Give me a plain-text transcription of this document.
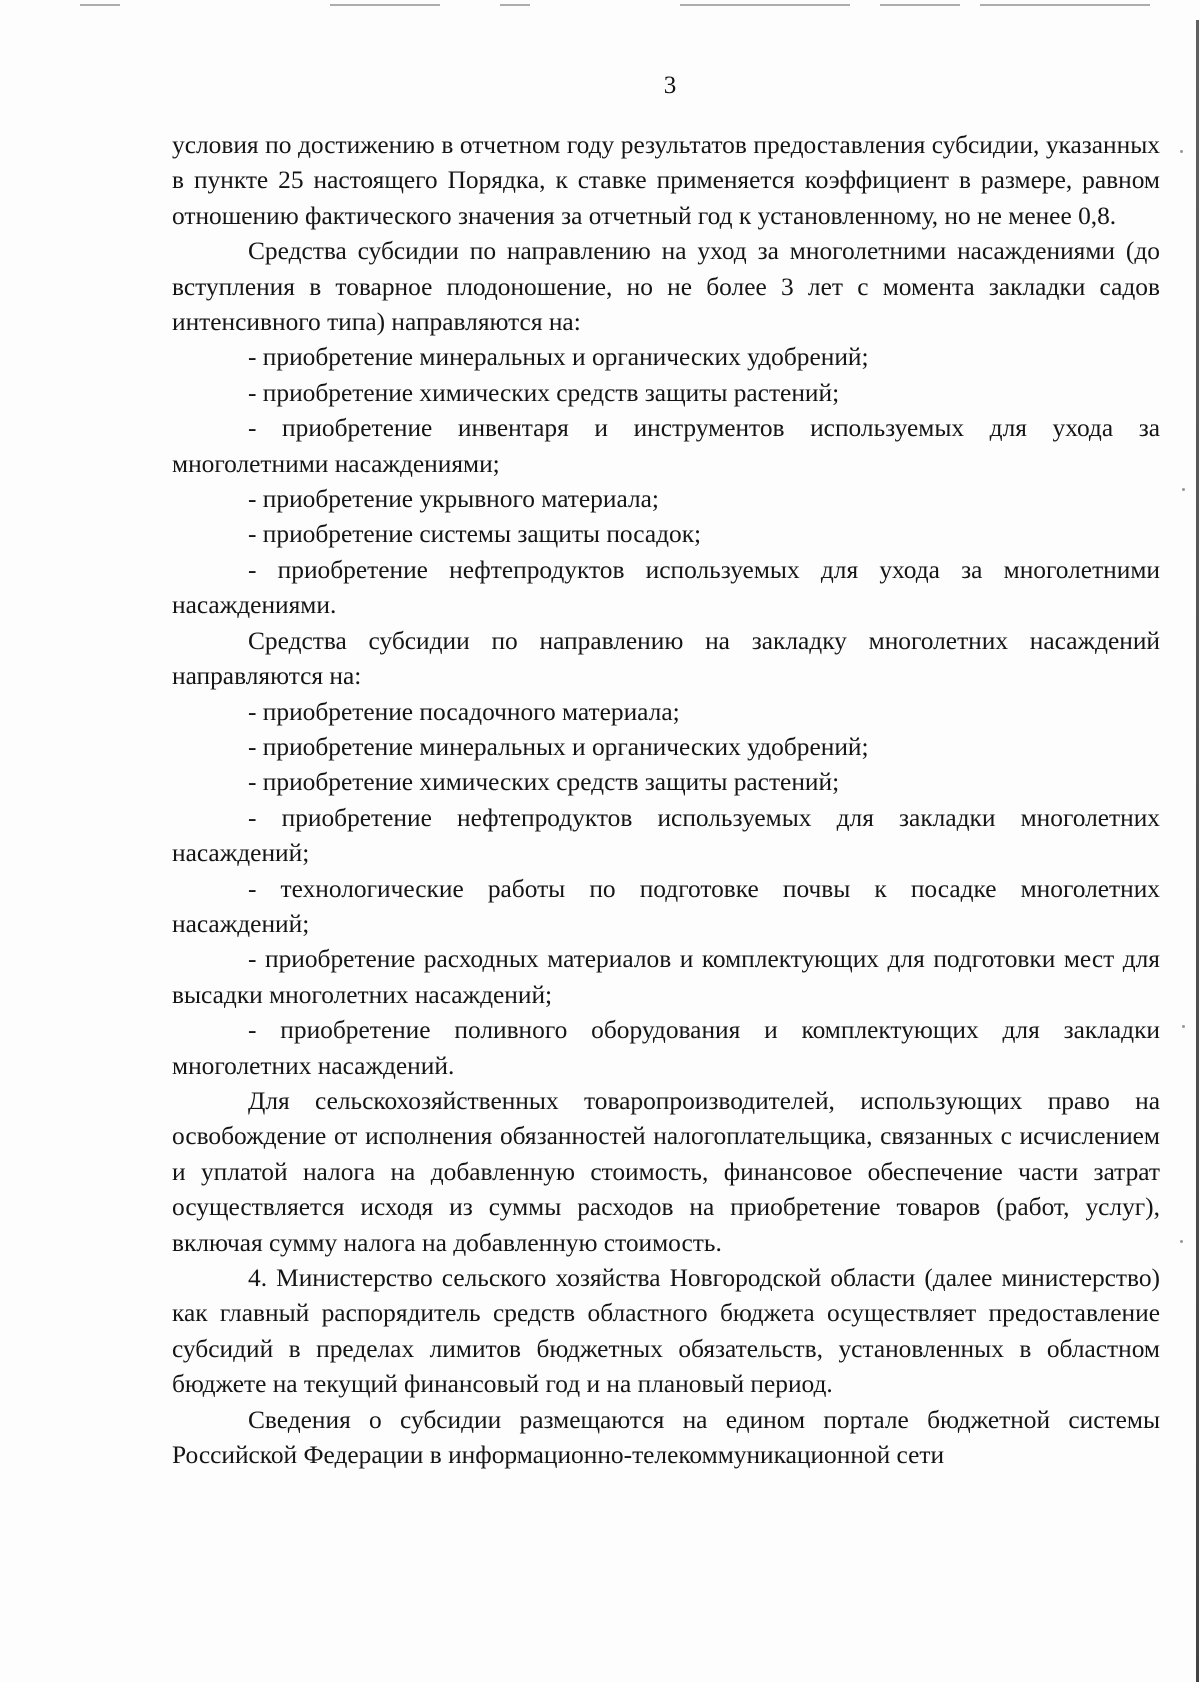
3

условия по достижению в отчетном году результатов предоставления субсидии, указанных в пункте 25 настоящего Порядка, к ставке применяется коэффициент в размере, равном отношению фактического значения за отчетный год к установленному, но не менее 0,8.

Средства субсидии по направлению на уход за многолетними насаждениями (до вступления в товарное плодоношение, но не более 3 лет с момента закладки садов интенсивного типа) направляются на:

- приобретение минеральных и органических удобрений;

- приобретение химических средств защиты растений;

- приобретение инвентаря и инструментов используемых для ухода за многолетними насаждениями;

- приобретение укрывного материала;

- приобретение системы защиты посадок;

- приобретение нефтепродуктов используемых для ухода за многолетними насаждениями.

Средства субсидии по направлению на закладку многолетних насаждений направляются на:

- приобретение посадочного материала;

- приобретение минеральных и органических удобрений;

- приобретение химических средств защиты растений;

- приобретение нефтепродуктов используемых для закладки многолетних насаждений;

- технологические работы по подготовке почвы к посадке многолетних насаждений;

- приобретение расходных материалов и комплектующих для подготовки мест для высадки многолетних насаждений;

- приобретение поливного оборудования и комплектующих для закладки многолетних насаждений.

Для сельскохозяйственных товаропроизводителей, использующих право на освобождение от исполнения обязанностей налогоплательщика, связанных с исчислением и уплатой налога на добавленную стоимость, финансовое обеспечение части затрат осуществляется исходя из суммы расходов на приобретение товаров (работ, услуг), включая сумму налога на добавленную стоимость.

4. Министерство сельского хозяйства Новгородской области (далее министерство) как главный распорядитель средств областного бюджета осуществляет предоставление субсидий в пределах лимитов бюджетных обязательств, установленных в областном бюджете на текущий финансовый год и на плановый период.

Сведения о субсидии размещаются на едином портале бюджетной системы Российской Федерации в информационно-телекоммуникационной сети
